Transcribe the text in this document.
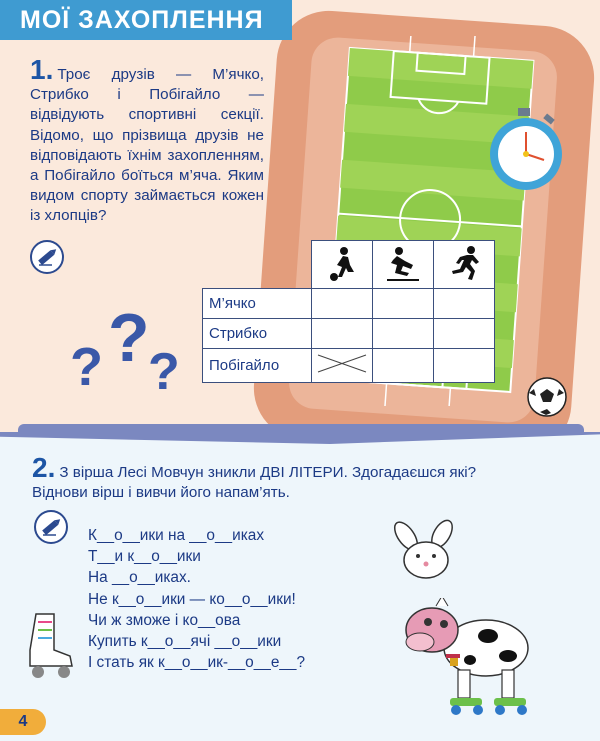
МОЇ ЗАХОПЛЕННЯ
1. Троє друзів — М’ячко, Стрибко і Побігайло — відвідують спортивні секції. Відомо, що прізвища друзів не відповідають їхнім захопленням, а Побігайло боїться м’яча. Яким видом спорту займається кожен із хлопців?
? ?
?

М’ячко			
Стрибко			
Побігайло			
2. З вірша Лесі Мовчун зникли ДВІ ЛІТЕРИ. Здогадаєшся які?
Віднови вірш і вивчи його напам’ять.
К__о__ики на __о__иках
Т__и к__о__ики
На __о__иках.
Не к__о__ики — ко__о__ики!
Чи ж зможе і ко__ова
Купить к__о__ячі __о__ики
І стать як к__о__ик-__о__е__?
4
